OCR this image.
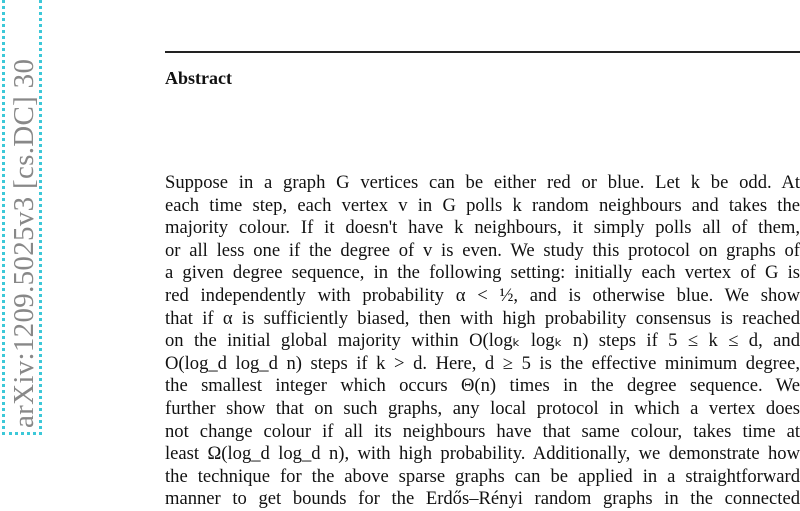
arXiv:1209.5025v3 [cs.DC] 30	Abstract
Suppose in a graph G vertices can be either red or blue. Let k be odd. At
each time step, each vertex v in G polls k random neighbours and takes the
majority colour. If it doesn't have k neighbours, it simply polls all of them,
or all less one if the degree of v is even. We study this protocol on graphs of
a given degree sequence, in the following setting: initially each vertex of G is
red independently with probability α < ½, and is otherwise blue. We show
that if α is sufficiently biased, then with high probability consensus is reached
on the initial global majority within O(logₖ logₖ n) steps if 5 ≤ k ≤ d, and
O(log_d log_d n) steps if k > d. Here, d ≥ 5 is the effective minimum degree,
the smallest integer which occurs Θ(n) times in the degree sequence. We
further show that on such graphs, any local protocol in which a vertex does
not change colour if all its neighbours have that same colour, takes time at
least Ω(log_d log_d n), with high probability. Additionally, we demonstrate how
the technique for the above sparse graphs can be applied in a straightforward
manner to get bounds for the Erdős–Rényi random graphs in the connected
